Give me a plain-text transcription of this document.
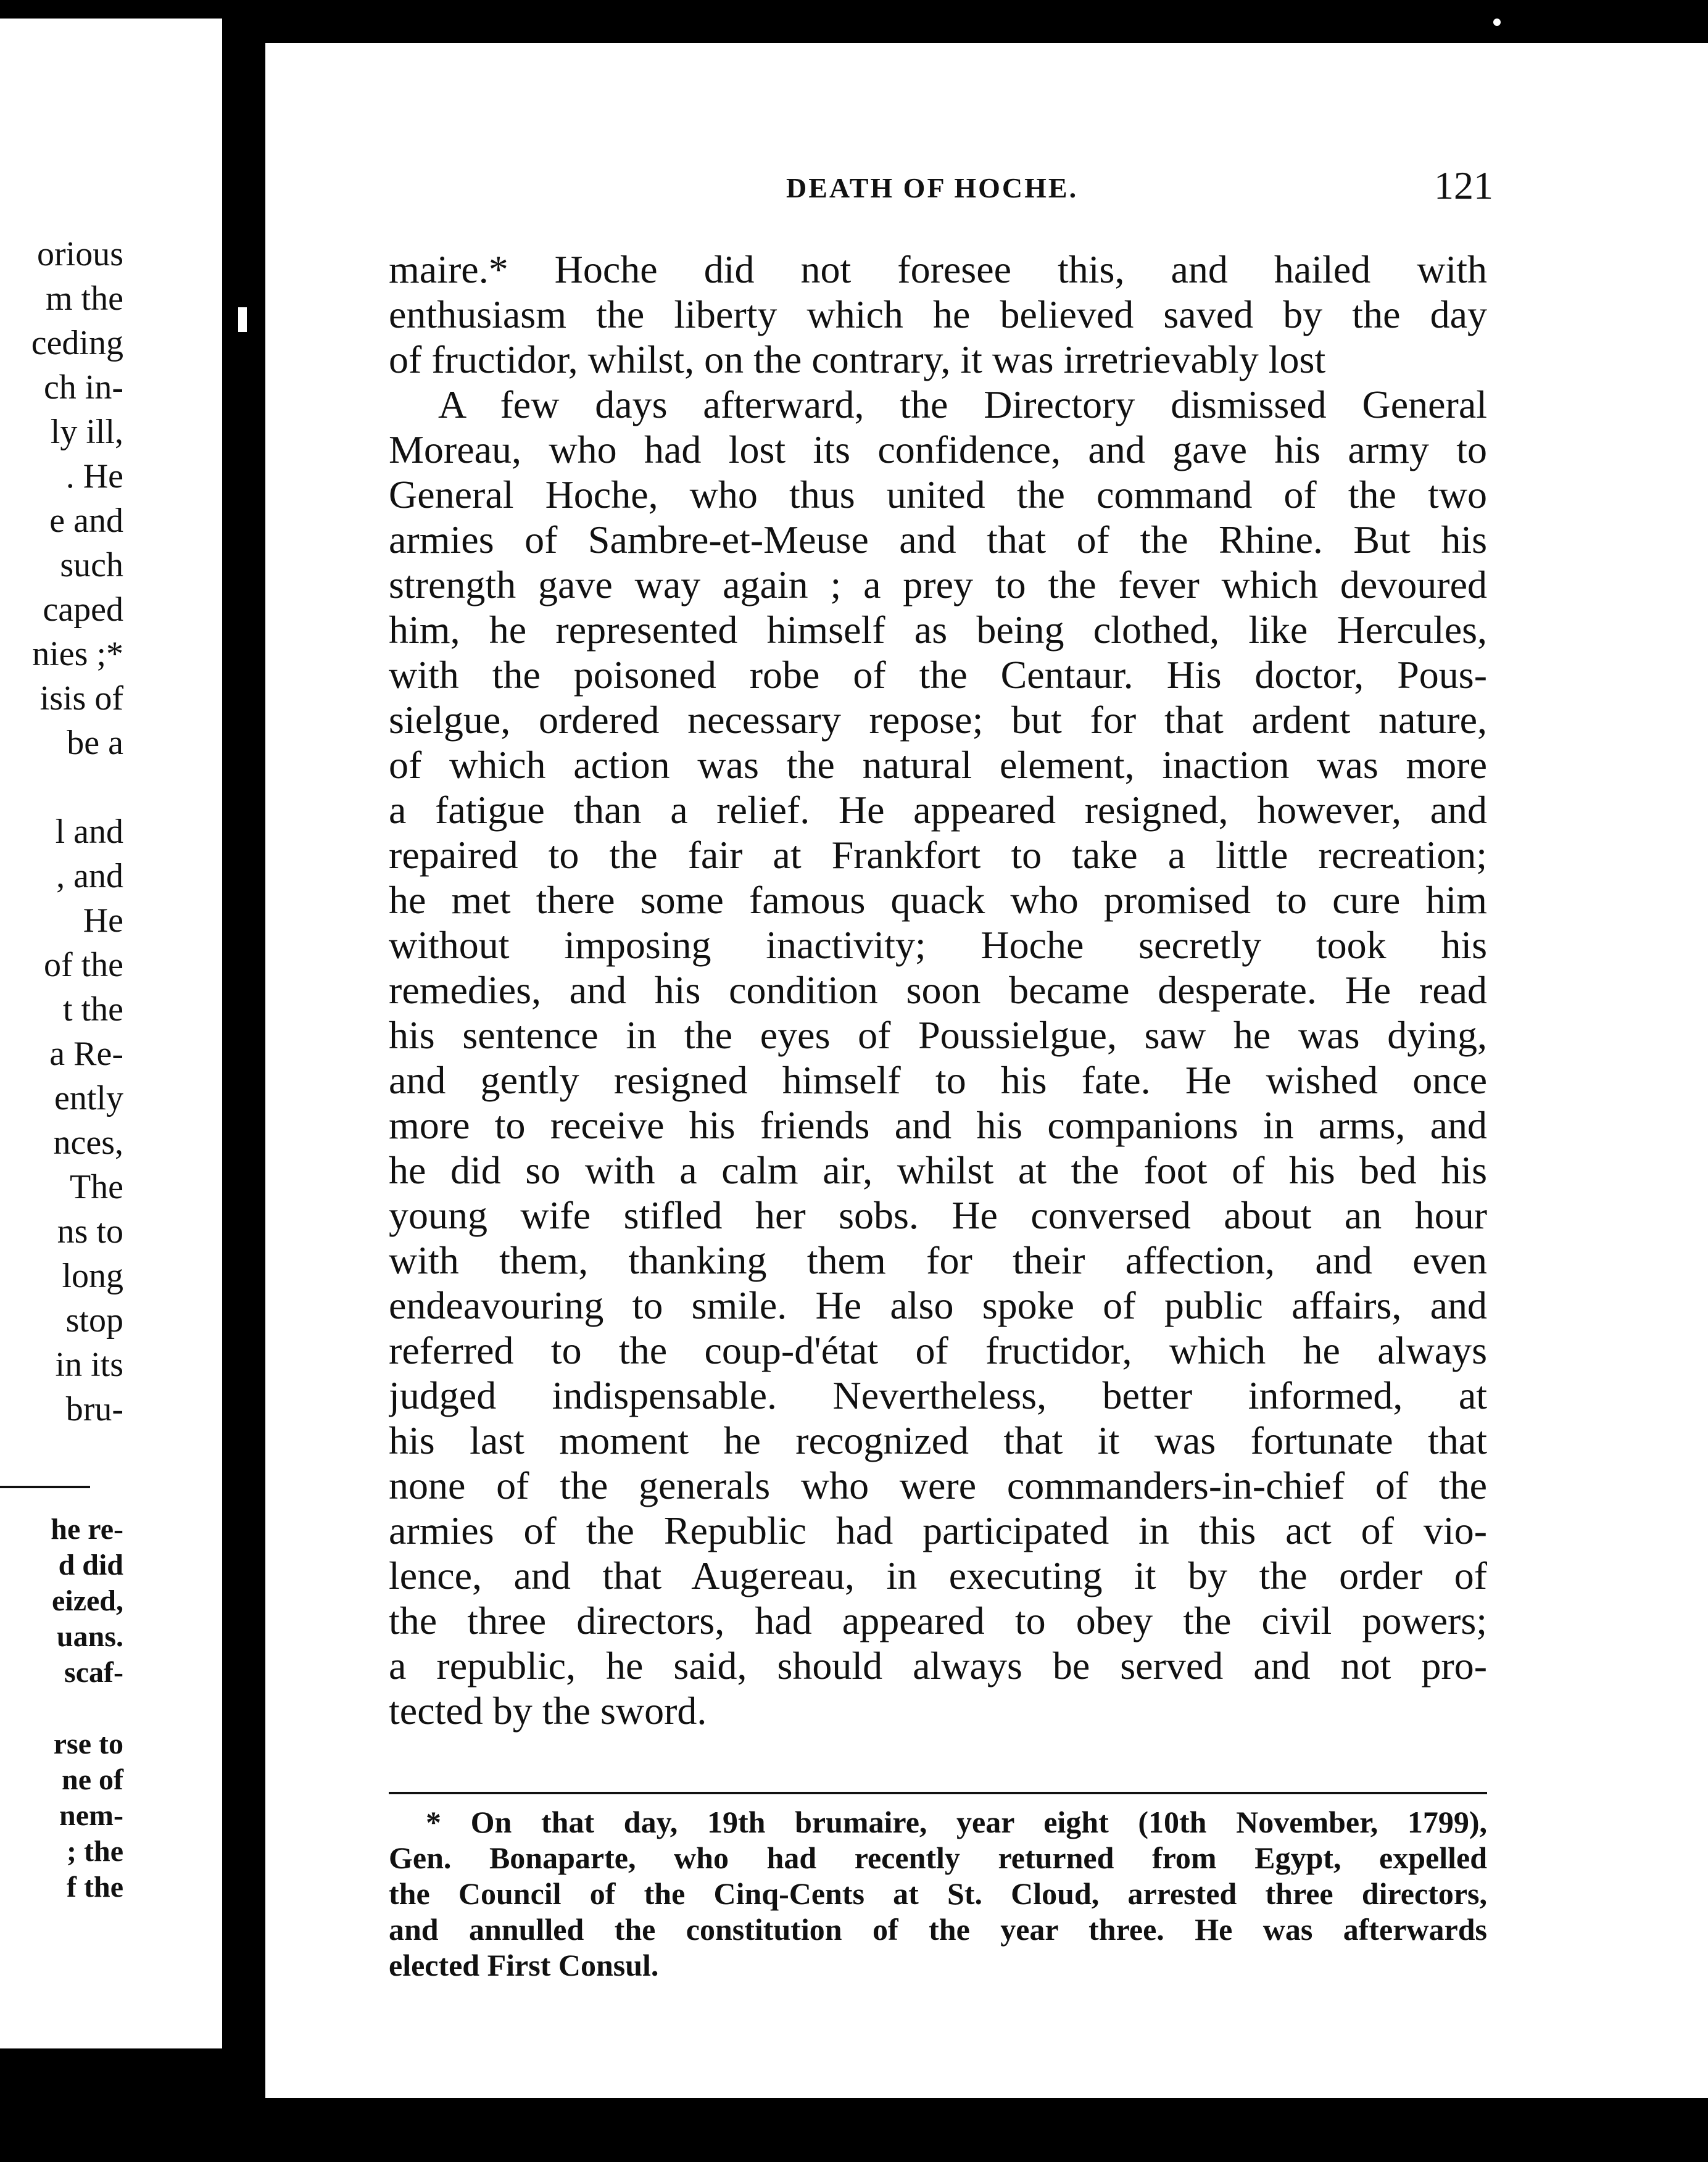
orious
m the
ceding
ch in-
ly ill,
. He
e and
such
caped
nies ;*
isis of
be a
l and
, and
He
of the
t the
a Re-
ently
nces,
The
ns to
long
stop
in its
bru-
he re-
d did
eized,
uans.
scaf-
rse to
ne of
nem-
; the
f the
DEATH OF HOCHE.	121
maire.* Hoche did not foresee this, and hailed with
enthusiasm the liberty which he believed saved by the day
of fructidor, whilst, on the contrary, it was irretrievably lost
A few days afterward, the Directory dismissed General
Moreau, who had lost its confidence, and gave his army to
General Hoche, who thus united the command of the two
armies of Sambre-et-Meuse and that of the Rhine. But his
strength gave way again ; a prey to the fever which devoured
him, he represented himself as being clothed, like Hercules,
with the poisoned robe of the Centaur. His doctor, Pous-
sielgue, ordered necessary repose; but for that ardent nature,
of which action was the natural element, inaction was more
a fatigue than a relief. He appeared resigned, however, and
repaired to the fair at Frankfort to take a little recreation;
he met there some famous quack who promised to cure him
without imposing inactivity; Hoche secretly took his
remedies, and his condition soon became desperate. He read
his sentence in the eyes of Poussielgue, saw he was dying,
and gently resigned himself to his fate. He wished once
more to receive his friends and his companions in arms, and
he did so with a calm air, whilst at the foot of his bed his
young wife stifled her sobs. He conversed about an hour
with them, thanking them for their affection, and even
endeavouring to smile. He also spoke of public affairs, and
referred to the coup-d'état of fructidor, which he always
judged indispensable. Nevertheless, better informed, at
his last moment he recognized that it was fortunate that
none of the generals who were commanders-in-chief of the
armies of the Republic had participated in this act of vio-
lence, and that Augereau, in executing it by the order of
the three directors, had appeared to obey the civil powers;
a republic, he said, should always be served and not pro-
tected by the sword.
* On that day, 19th brumaire, year eight (10th November, 1799),
Gen. Bonaparte, who had recently returned from Egypt, expelled
the Council of the Cinq-Cents at St. Cloud, arrested three directors,
and annulled the constitution of the year three. He was afterwards
elected First Consul.
